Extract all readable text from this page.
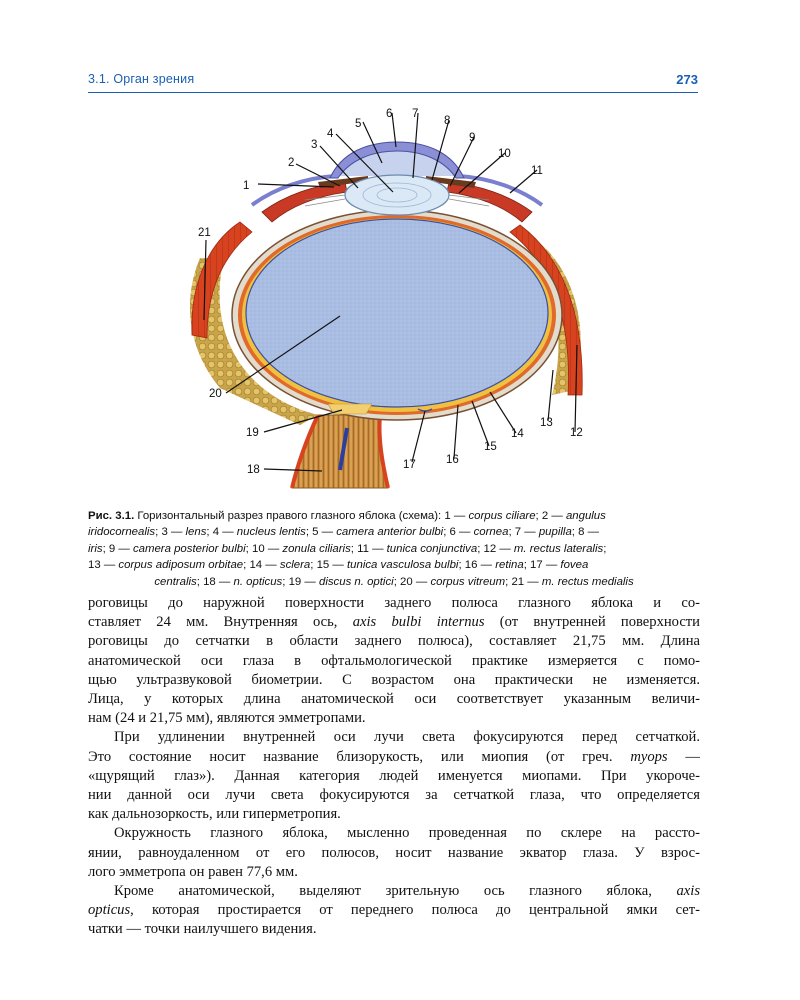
3.1. Орган зрения	273
1
2
3
4
5
6 7
8
9
10
11
12
13
14
15
16
17
18
19
20
21
Рис. 3.1. Горизонтальный разрез правого глазного яблока (схема): 1 — corpus ciliare; 2 — angulus
iridocornealis; 3 — lens; 4 — nucleus lentis; 5 — camera anterior bulbi; 6 — cornea; 7 — pupilla; 8 —
iris; 9 — camera posterior bulbi; 10 — zonula ciliaris; 11 — tunica conjunctiva; 12 — m. rectus lateralis;
13 — corpus adiposum orbitae; 14 — sclera; 15 — tunica vasculosa bulbi; 16 — retina; 17 — fovea
centralis; 18 — n. opticus; 19 — discus n. optici; 20 — corpus vitreum; 21 — m. rectus medialis
роговицы до наружной поверхности заднего полюса глазного яблока и со-
ставляет 24 мм. Внутренняя ось, axis bulbi internus (от внутренней поверхности
роговицы до сетчатки в области заднего полюса), составляет 21,75 мм. Длина
анатомической оси глаза в офтальмологической практике измеряется с помо-
щью ультразвуковой биометрии. С возрастом она практически не изменяется.
Лица, у которых длина анатомической оси соответствует указанным величи-
нам (24 и 21,75 мм), являются эмметропами.
При удлинении внутренней оси лучи света фокусируются перед сетчаткой.
Это состояние носит название близорукость, или миопия (от греч. myops —
«щурящий глаз»). Данная категория людей именуется миопами. При укороче-
нии данной оси лучи света фокусируются за сетчаткой глаза, что определяется
как дальнозоркость, или гиперметропия.
Окружность глазного яблока, мысленно проведенная по склере на рассто-
янии, равноудаленном от его полюсов, носит название экватор глаза. У взрос-
лого эмметропа он равен 77,6 мм.
Кроме анатомической, выделяют зрительную ось глазного яблока, axis
opticus, которая простирается от переднего полюса до центральной ямки сет-
чатки — точки наилучшего видения.
